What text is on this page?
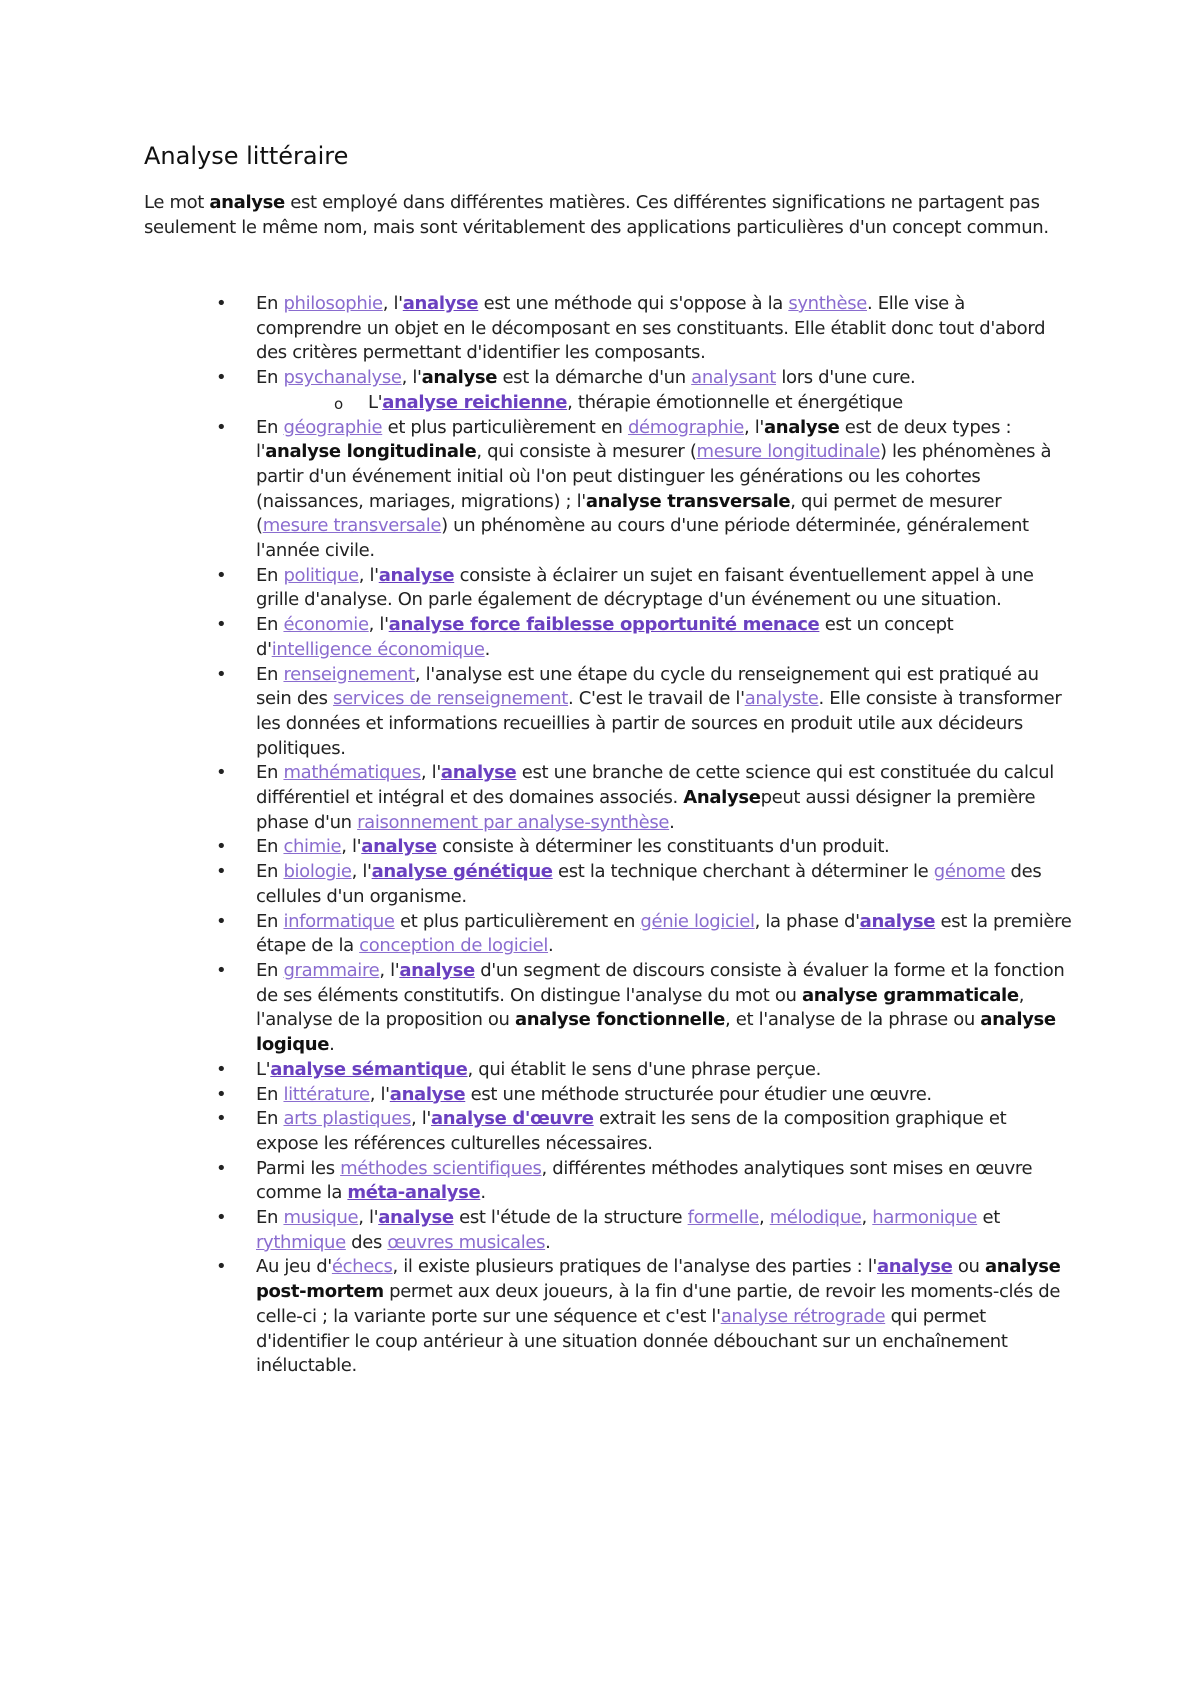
Analyse littéraire

Le mot analyse est employé dans différentes matières. Ces différentes significations ne partagent pas seulement le même nom, mais sont véritablement des applications particulières d'un concept commun.

• En philosophie, l'analyse est une méthode qui s'oppose à la synthèse. Elle vise à comprendre un objet en le décomposant en ses constituants. Elle établit donc tout d'abord des critères permettant d'identifier les composants.
• En psychanalyse, l'analyse est la démarche d'un analysant lors d'une cure.
o L'analyse reichienne, thérapie émotionnelle et énergétique
• En géographie et plus particulièrement en démographie, l'analyse est de deux types : l'analyse longitudinale, qui consiste à mesurer (mesure longitudinale) les phénomènes à partir d'un événement initial où l'on peut distinguer les générations ou les cohortes (naissances, mariages, migrations) ; l'analyse transversale, qui permet de mesurer (mesure transversale) un phénomène au cours d'une période déterminée, généralement l'année civile.
• En politique, l'analyse consiste à éclairer un sujet en faisant éventuellement appel à une grille d'analyse. On parle également de décryptage d'un événement ou une situation.
• En économie, l'analyse force faiblesse opportunité menace est un concept d'intelligence économique.
• En renseignement, l'analyse est une étape du cycle du renseignement qui est pratiqué au sein des services de renseignement. C'est le travail de l'analyste. Elle consiste à transformer les données et informations recueillies à partir de sources en produit utile aux décideurs politiques.
• En mathématiques, l'analyse est une branche de cette science qui est constituée du calcul différentiel et intégral et des domaines associés. Analysepeut aussi désigner la première phase d'un raisonnement par analyse-synthèse.
• En chimie, l'analyse consiste à déterminer les constituants d'un produit.
• En biologie, l'analyse génétique est la technique cherchant à déterminer le génome des cellules d'un organisme.
• En informatique et plus particulièrement en génie logiciel, la phase d'analyse est la première étape de la conception de logiciel.
• En grammaire, l'analyse d'un segment de discours consiste à évaluer la forme et la fonction de ses éléments constitutifs. On distingue l'analyse du mot ou analyse grammaticale, l'analyse de la proposition ou analyse fonctionnelle, et l'analyse de la phrase ou analyse logique.
• L'analyse sémantique, qui établit le sens d'une phrase perçue.
• En littérature, l'analyse est une méthode structurée pour étudier une œuvre.
• En arts plastiques, l'analyse d'œuvre extrait les sens de la composition graphique et expose les références culturelles nécessaires.
• Parmi les méthodes scientifiques, différentes méthodes analytiques sont mises en œuvre comme la méta-analyse.
• En musique, l'analyse est l'étude de la structure formelle, mélodique, harmonique et rythmique des œuvres musicales.
• Au jeu d'échecs, il existe plusieurs pratiques de l'analyse des parties : l'analyse ou analyse post-mortem permet aux deux joueurs, à la fin d'une partie, de revoir les moments-clés de celle-ci ; la variante porte sur une séquence et c'est l'analyse rétrograde qui permet d'identifier le coup antérieur à une situation donnée débouchant sur un enchaînement inéluctable.
